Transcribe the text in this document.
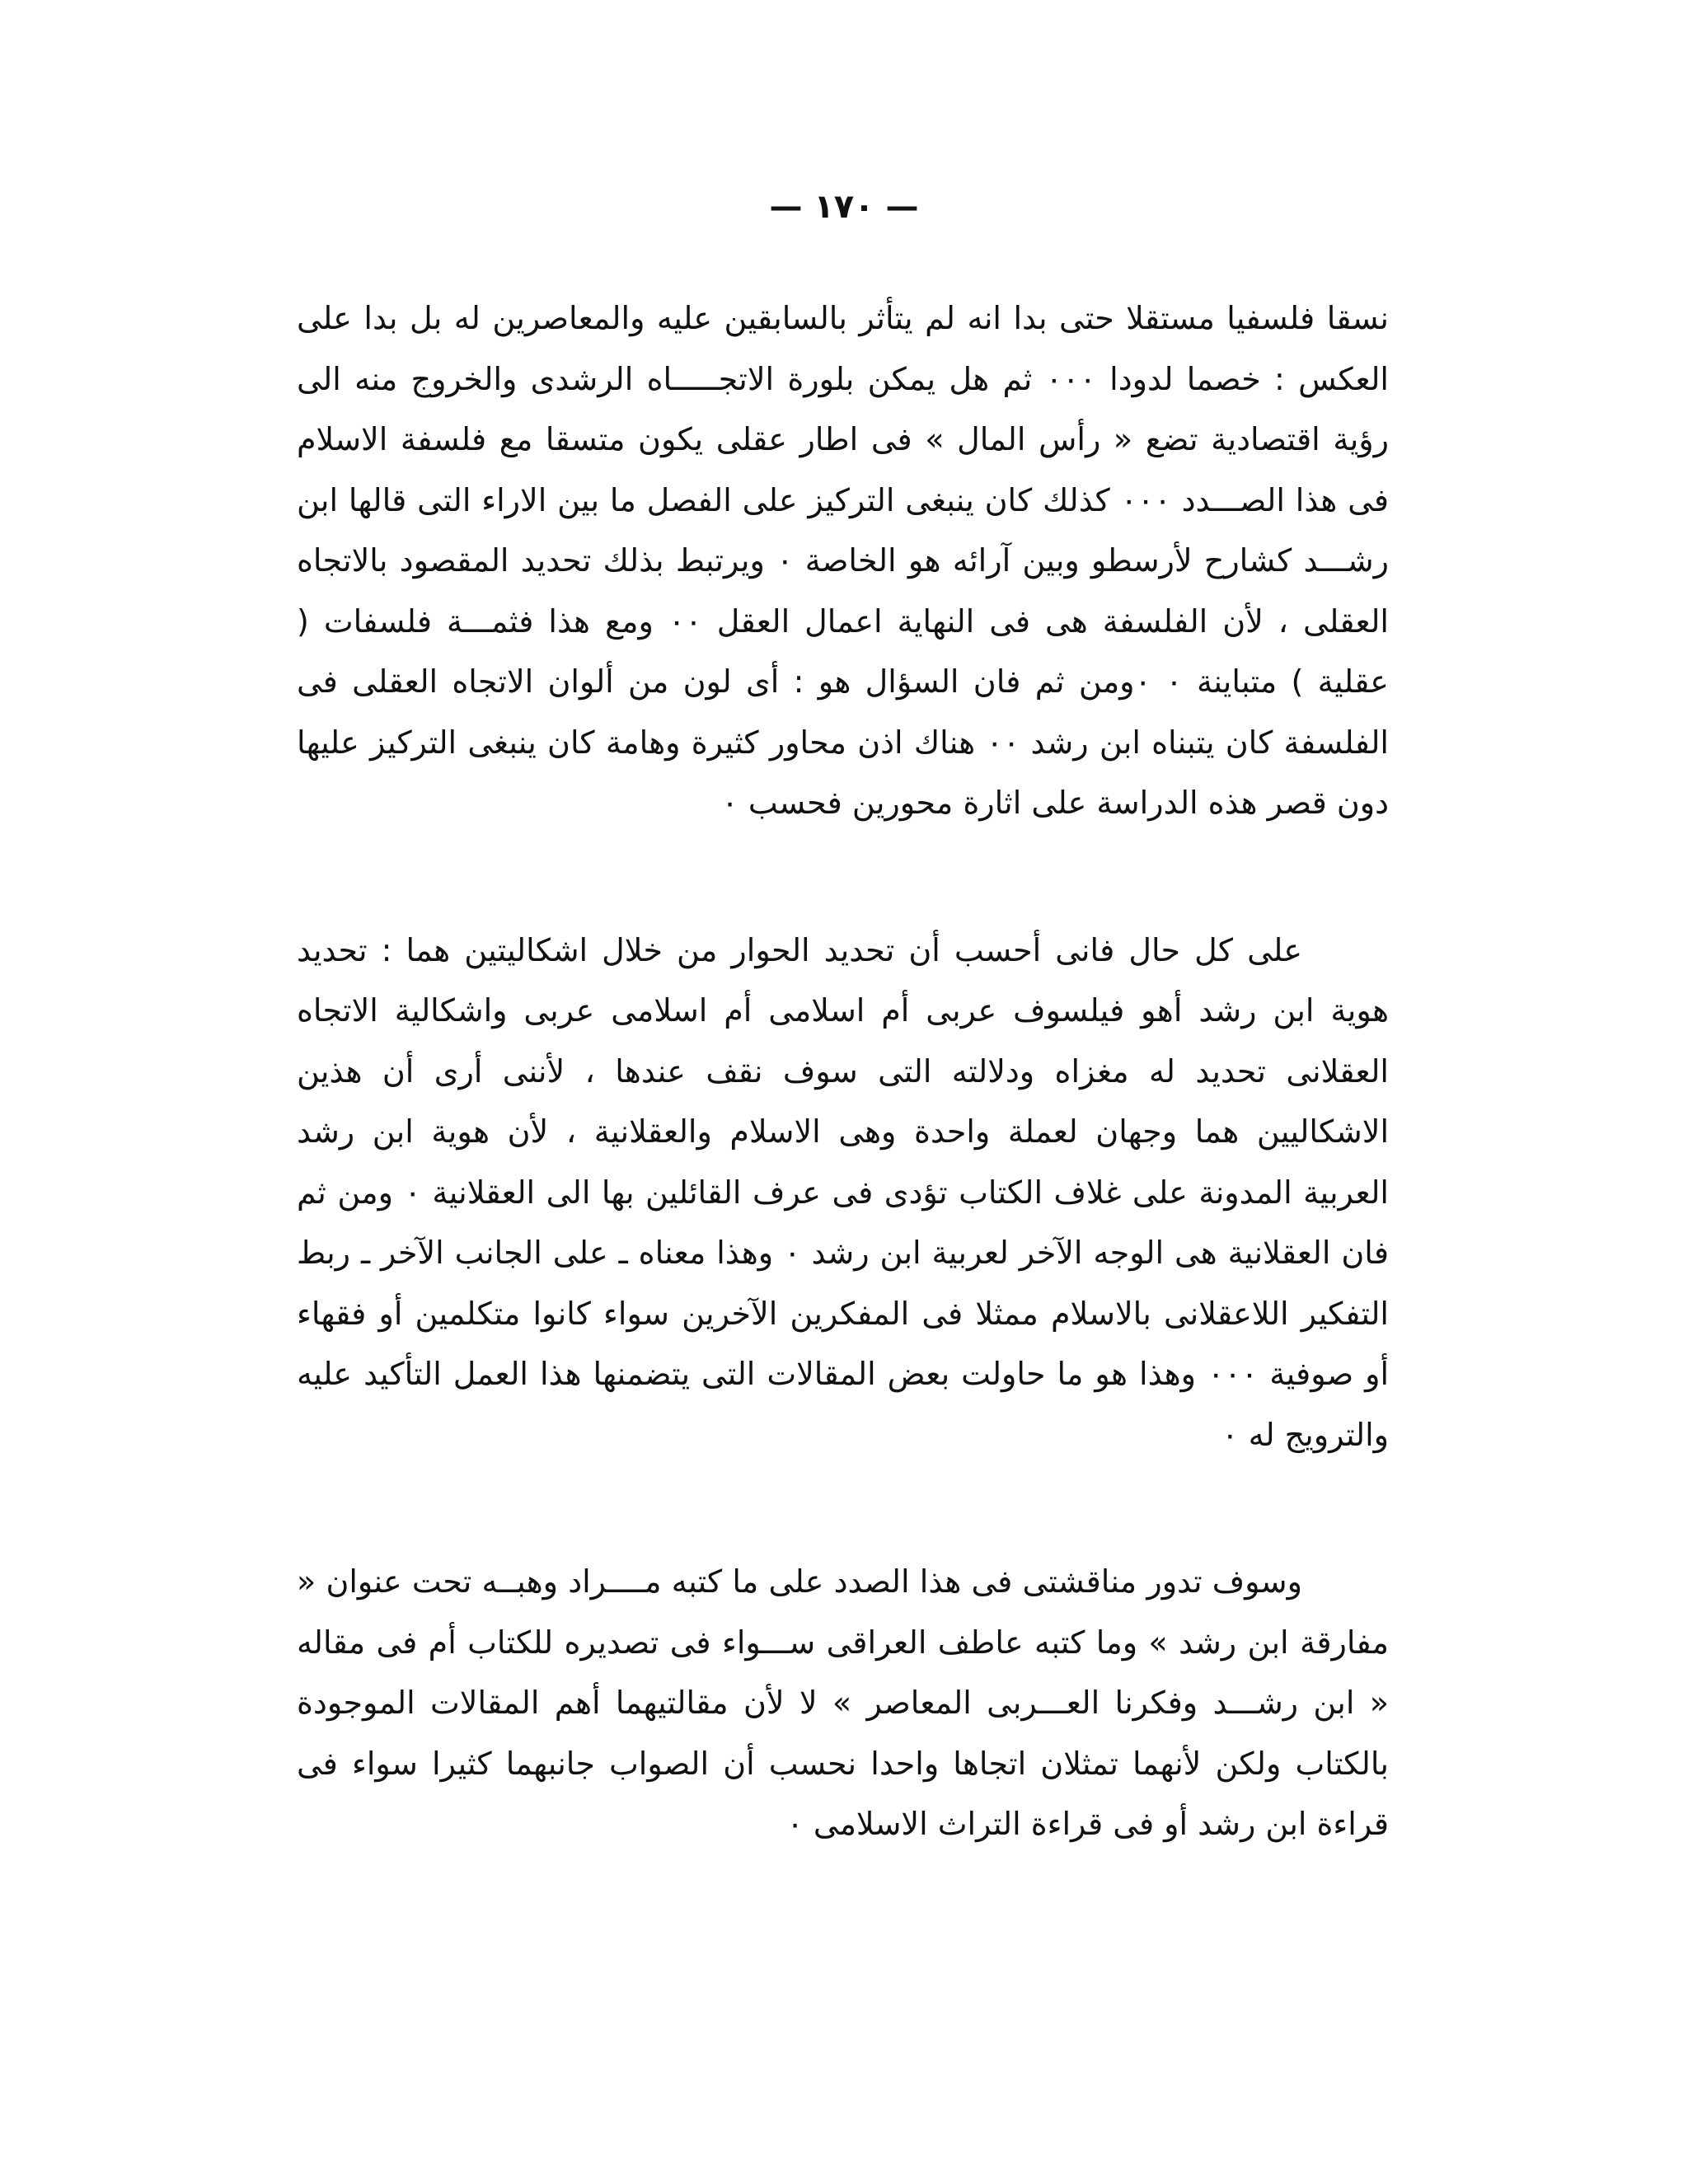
— ١٧٠ —

نسقا فلسفيا مستقلا حتى بدا انه لم يتأثر بالسابقين عليه والمعاصرين له بل بدا على العكس : خصما لدودا ٠٠٠ ثم هل يمكن بلورة الاتجـــــاه الرشدى والخروج منه الى رؤية اقتصادية تضع « رأس المال » فى اطار عقلى يكون متسقا مع فلسفة الاسلام فى هذا الصـــدد ٠٠٠ كذلك كان ينبغى التركيز على الفصل ما بين الاراء التى قالها ابن رشـــد كشارح لأرسطو وبين آرائه هو الخاصة ٠ ويرتبط بذلك تحديد المقصود بالاتجاه العقلى ، لأن الفلسفة هى فى النهاية اعمال العقل ٠٠ ومع هذا فثمـــة فلسفات ( عقلية ) متباينة ٠ ٠ومن ثم فان السؤال هو : أى لون من ألوان الاتجاه العقلى فى الفلسفة كان يتبناه ابن رشد ٠٠ هناك اذن محاور كثيرة وهامة كان ينبغى التركيز عليها دون قصر هذه الدراسة على اثارة محورين فحسب ٠

على كل حال فانى أحسب أن تحديد الحوار من خلال اشكاليتين هما : تحديد هوية ابن رشد أهو فيلسوف عربى أم اسلامى أم اسلامى عربى واشكالية الاتجاه العقلانى تحديد له مغزاه ودلالته التى سوف نقف عندها ، لأننى أرى أن هذين الاشكاليين هما وجهان لعملة واحدة وهى الاسلام والعقلانية ، لأن هوية ابن رشد العربية المدونة على غلاف الكتاب تؤدى فى عرف القائلين بها الى العقلانية ٠ ومن ثم فان العقلانية هى الوجه الآخر لعربية ابن رشد ٠ وهذا معناه ـ على الجانب الآخر ـ ربط التفكير اللاعقلانى بالاسلام ممثلا فى المفكرين الآخرين سواء كانوا متكلمين أو فقهاء أو صوفية ٠٠٠ وهذا هو ما حاولت بعض المقالات التى يتضمنها هذا العمل التأكيد عليه والترويج له ٠

وسوف تدور مناقشتى فى هذا الصدد على ما كتبه مــــراد وهبــه تحت عنوان « مفارقة ابن رشد » وما كتبه عاطف العراقى ســـواء فى تصديره للكتاب أم فى مقاله « ابن رشـــد وفكرنا العـــربى المعاصر » لا لأن مقالتيهما أهم المقالات الموجودة بالكتاب ولكن لأنهما تمثلان اتجاها واحدا نحسب أن الصواب جانبهما كثيرا سواء فى قراءة ابن رشد أو فى قراءة التراث الاسلامى ٠
